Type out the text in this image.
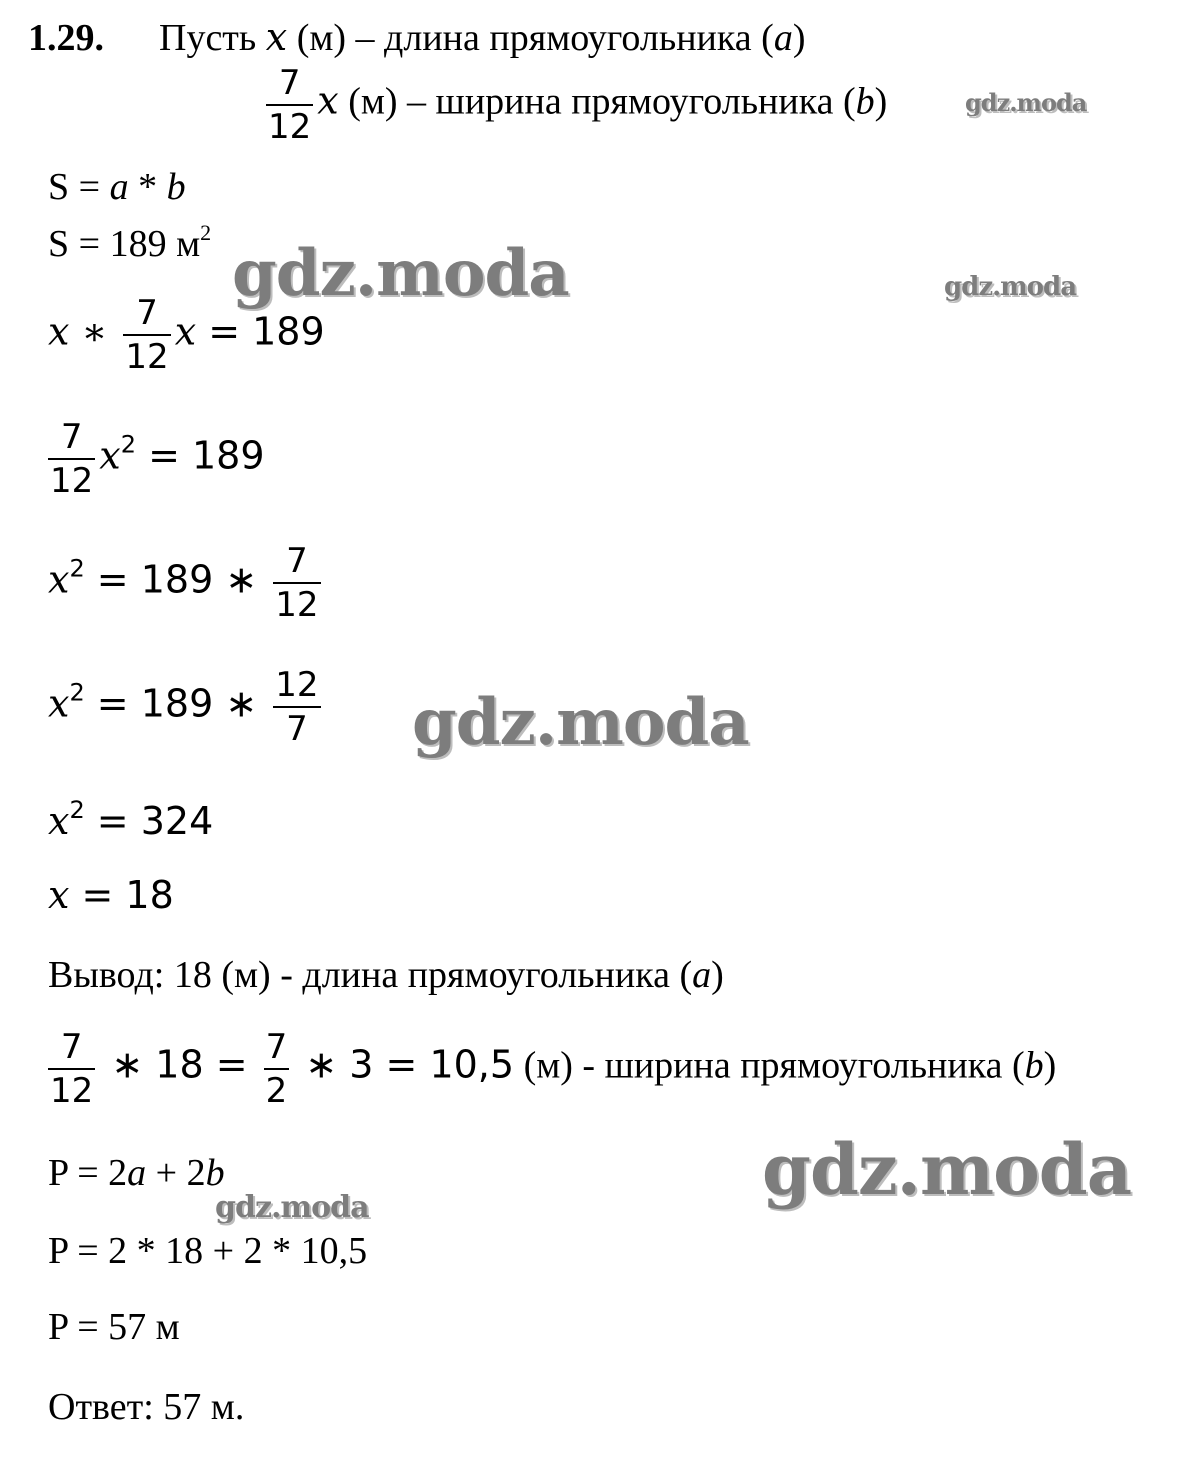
gdz.moda
gdz.moda	gdz.moda
gdz.moda
gdz.moda
gdz.moda
1.29. Пусть x (м) – длина прямоугольника (a)
$\frac{7}{12}$ x (м) – ширина прямоугольника (b)
S = a * b
S = 189 $м^2$
x ∗ $\frac{7}{12}$ x = 189
$\frac{7}{12} x^2 = 189$
$x^2 = 189$ ∗ $\frac{7}{12}$
$x^2 = 189$ ∗ $\frac{12}{7}$
$x^2 = 324$
x = 18
Вывод: 18 (м) - длина прямоугольника (a)
$\frac{7}{12}$ ∗ $18 = \frac{7}{2}$ ∗ 3 = 10,5 (м) - ширина прямоугольника (b)
P = 2a + 2b
P = 2 * 18 + 2 * 10,5
P = 57 м
Ответ: 57 м.
